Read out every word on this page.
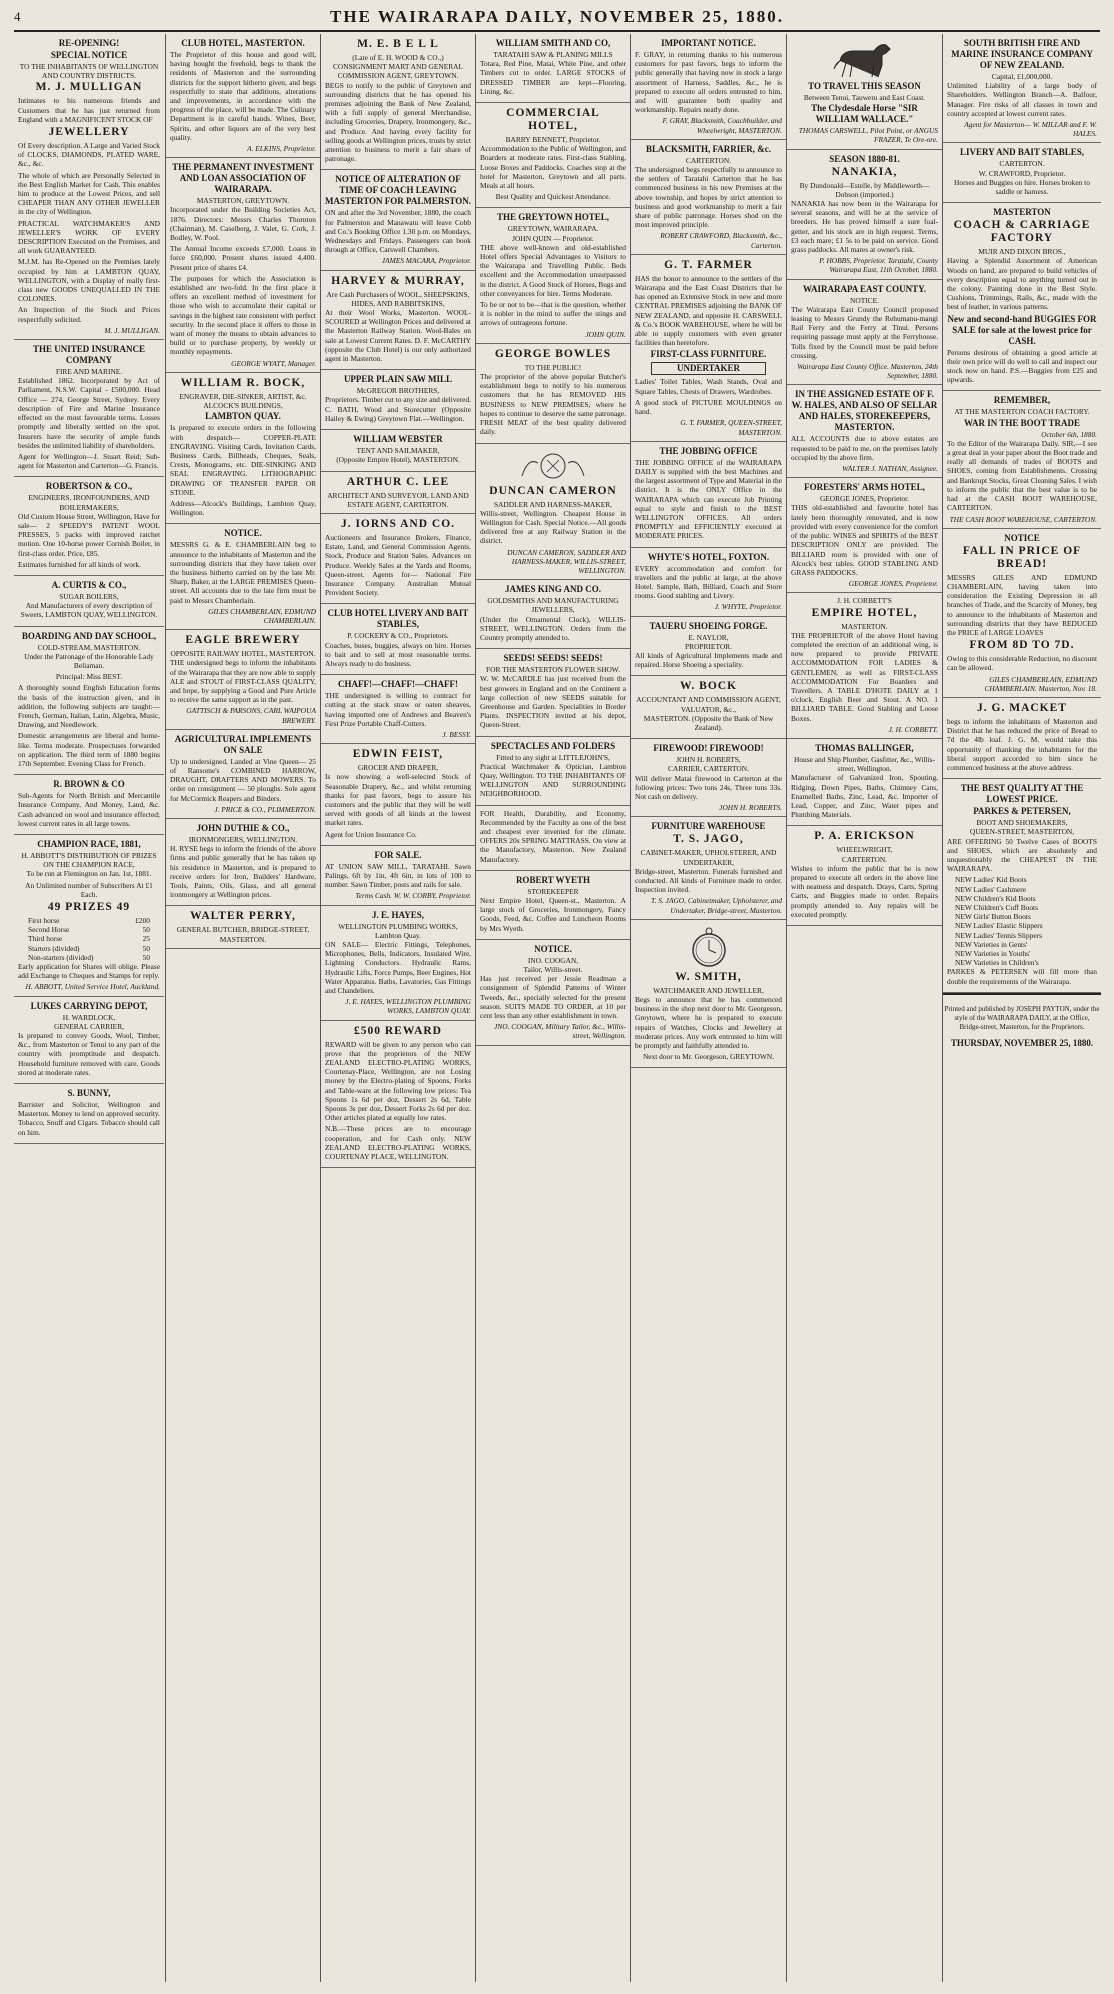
4	THE WAIRARAPA DAILY, NOVEMBER 25, 1880.
RE-OPENING!
SPECIAL NOTICE
TO THE INHABITANTS OF WELLINGTON AND COUNTRY DISTRICTS.
M. J. MULLIGAN

Intimates to his numerous friends and Customers that he has just returned from England with a MAGNIFICENT STOCK OF

JEWELLERY

Of Every description. A Large and Varied Stock of CLOCKS, DIAMONDS, PLATED WARE, &c., &c.

The whole of which are Personally Selected in the Best English Market for Cash. This enables him to produce at the Lowest Prices, and sell CHEAPER THAN ANY OTHER JEWELLER in the city of Wellington.

PRACTICAL WATCHMAKER'S AND JEWELLER'S WORK OF EVERY DESCRIPTION Executed on the Premises, and all work GUARANTEED.

M.J.M. has Re-Opened on the Premises lately occupied by him at LAMBTON QUAY, WELLINGTON, with a Display of really first-class new GOODS UNEQUALLED IN THE COLONIES.

An Inspection of the Stock and Prices respectfully solicited.

M. J. MULLIGAN.
THE UNITED INSURANCE COMPANY
FIRE AND MARINE.

Established 1862. Incorporated by Act of Parliament, N.S.W. Capital - £500,000. Head Office — 274, George Street, Sydney. Every description of Fire and Marine Insurance effected on the most favourable terms. Losses promptly and liberally settled on the spot. Insurers have the security of ample funds besides the unlimited liability of shareholders.

Agent for Wellington—J. Stuart Reid; Sub-agent for Masterton and Carterton—G. Francis.

ROBERTSON & CO.,
ENGINEERS, IRONFOUNDERS, AND BOILERMAKERS,

Old Custom House Street, Wellington, Have for sale— 2 SPEEDY'S PATENT WOOL PRESSES, 5 packs with improved ratchet motion. One 10-horse power Cornish Boiler, in first-class order. Price, £85.

Estimates furnished for all kinds of work.

A. CURTIS & CO.,
SUGAR BOILERS,

And Manufacturers of every description of Sweets, LAMBTON QUAY, WELLINGTON.

BOARDING AND DAY SCHOOL,
COLD-STREAM, MASTERTON.

Under the Patronage of the Honorable Lady Beliaman.

Principal: Miss BEST.

A thoroughly sound English Education forms the basis of the instruction given, and in addition, the following subjects are taught:— French, German, Italian, Latin, Algebra, Music, Drawing, and Needlework.

Domestic arrangements are liberal and home-like. Terms moderate. Prospectuses forwarded on application. The third term of 1880 begins 17th September. Evening Class for French.

R. BROWN & CO

Sub-Agents for North British and Mercantile Insurance Company, And Money, Land, &c. Cash advanced on wool and insurance effected; lowest current rates in all large towns.

CHAMPION RACE, 1881,
H. ABBOTT'S DISTRIBUTION OF PRIZES
ON THE CHAMPION RACE,

To be run at Flemington on Jan. 1st, 1881.

An Unlimited number of Subscribers At £1 Each.

49 PRIZES 49
First horse	£200
Second Horse	50
Third horse	25
Starters (divided)	50
Non-starters (divided)	50

Early application for Shares will oblige. Please add Exchange to Cheques and Stamps for reply.

H. ABBOTT, United Service Hotel, Auckland.
LUKES CARRYING DEPOT,
H. WARDLOCK,
GENERAL CARRIER,

Is prepared to convey Goods, Wool, Timber, &c., from Masterton or Tenui to any part of the country with promptitude and despatch. Household furniture removed with care. Goods stored at moderate rates.

S. BUNNY,

Barrister and Solicitor, Wellington and Masterton. Money to lend on approved security. Tobacco, Snuff and Cigars. Tobacco should call on him.

CLUB HOTEL, MASTERTON.

The Proprietor of this house and good will, having bought the freehold, begs to thank the residents of Masterton and the surrounding districts for the support hitherto given, and begs respectfully to state that additions, alterations and improvements, in accordance with the progress of the place, will be made. The Culinary Department is in careful hands. Wines, Beer, Spirits, and other liquors are of the very best quality.

A. ELKINS, Proprietor.
THE PERMANENT INVESTMENT AND LOAN ASSOCIATION OF WAIRARAPA.
MASTERTON, GREYTOWN.

Incorporated under the Building Societies Act, 1876. Directors: Messrs Charles Thornton (Chairman), M. Caselberg, J. Valet, G. Cork, J. Bodley, W. Pool.

The Annual Income exceeds £7,000. Loans in force £60,000. Present shares issued 4,400. Present price of shares £4.

The purposes for which the Association is established are two-fold. In the first place it offers an excellent method of investment for those who wish to accumulate their capital or savings in the highest rate consistent with perfect security. In the second place it offers to those in want of money the means to obtain advances to build or to purchase property, by weekly or monthly repayments.

GEORGE WYATT, Manager.
WILLIAM R. BOCK,
ENGRAVER, DIE-SINKER, ARTIST, &c. ALCOCK'S BUILDINGS,
LAMBTON QUAY.

Is prepared to execute orders in the following with despatch— COPPER-PLATE ENGRAVING. Visiting Cards, Invitation Cards, Business Cards, Billheads, Cheques, Seals, Crests, Monograms, etc. DIE-SINKING AND SEAL ENGRAVING. LITHOGRAPHIC DRAWING OF TRANSFER PAPER OR STONE.

Address—Alcock's Buildings, Lambton Quay, Wellington.

NOTICE.

MESSRS G. & E. CHAMBERLAIN beg to announce to the inhabitants of Masterton and the surrounding districts that they have taken over the business hitherto carried on by the late Mr. Sharp, Baker, at the LARGE PREMISES Queen-street. All accounts due to the late firm must be paid to Messrs Chamberlain.

GILES CHAMBERLAIN, EDMUND CHAMBERLAIN.
EAGLE BREWERY
OPPOSITE RAILWAY HOTEL, MASTERTON.

THE undersigned begs to inform the inhabitants of the Wairarapa that they are now able to supply ALE and STOUT of FIRST-CLASS QUALITY, and hope, by supplying a Good and Pure Article to receive the same support as in the past.

GATTISCH & PARSONS, CARL WAIPOUA BREWERY.
AGRICULTURAL IMPLEMENTS ON SALE

Up to undersigned, Landed at Vine Queen— 25 of Ransome's COMBINED HARROW, DRAUGHT, DRAFTERS AND MOWERS. To order on consignment — 50 ploughs. Sole agent for McCormick Reapers and Binders.

J. PRICE & CO., PLIMMERTON.
JOHN DUTHIE & CO.,
IRONMONGERS, WELLINGTON.

H. RYSE begs to inform the friends of the above firms and public generally that he has taken up his residence in Masterton, and is prepared to receive orders for Iron, Builders' Hardware, Tools, Paints, Oils, Glass, and all general ironmongery at Wellington prices.

WALTER PERRY,
GENERAL BUTCHER, BRIDGE-STREET, MASTERTON.
M. E. B E L L
(Late of E. H. WOOD & CO.,) CONSIGNMENT MART AND GENERAL COMMISSION AGENT, GREYTOWN.

BEGS to notify to the public of Greytown and surrounding districts that he has opened his premises adjoining the Bank of New Zealand, with a full supply of general Merchandise, including Groceries, Drapery, Ironmongery, &c., and Produce. And having every facility for selling goods at Wellington prices, trusts by strict attention to business to merit a fair share of patronage.

NOTICE OF ALTERATION OF TIME OF COACH LEAVING MASTERTON FOR PALMERSTON.

ON and after the 3rd November, 1880, the coach for Palmerston and Manawatu will leave Cobb and Co.'s Booking Office 1.30 p.m. on Mondays, Wednesdays and Fridays. Passengers can book through at Office, Carswell Chambers.

JAMES MACARA, Proprietor.
HARVEY & MURRAY,
Are Cash Purchasers of WOOL, SHEEPSKINS, HIDES, AND RABBITSKINS,

At their Wool Works, Masterton. WOOL-SCOURED at Wellington Prices and delivered at the Masterton Railway Station. Wool-Bales on sale at Lowest Current Rates. D. F. McCARTHY (opposite the Club Hotel) is our only authorized agent in Masterton.

UPPER PLAIN SAW MILL
McGREGOR BROTHERS,

Proprietors. Timber cut to any size and delivered. C. BATH, Wood and Storecutter (Opposite Hailey & Ewing) Greytown Flat.—Wellington.

WILLIAM WEBSTER
TENT AND SAILMAKER,

(Opposite Empire Hotel), MASTERTON.

ARTHUR C. LEE
ARCHITECT AND SURVEYOR, LAND AND ESTATE AGENT, CARTERTON.
J. IORNS AND CO.

Auctioneers and Insurance Brokers, Finance, Estate, Land, and General Commission Agents. Stock, Produce and Station Sales. Advances on Produce. Weekly Sales at the Yards and Rooms, Queen-street. Agents for— National Fire Insurance Company. Australian Mutual Provident Society.

CLUB HOTEL LIVERY AND BAIT STABLES,
P. COCKERY & CO., Proprietors.

Coaches, buses, buggies, always on hire. Horses to bait and to sell at most reasonable terms. Always ready to do business.

CHAFF!—CHAFF!—CHAFF!

THE undersigned is willing to contract for cutting at the stack straw or oaten sheaves, having imported one of Andrews and Beaven's First Prize Portable Chaff-Cutters.

J. BESSY.
EDWIN FEIST,
GROCER AND DRAPER,

Is now showing a well-selected Stock of Seasonable Drapery, &c., and whilst returning thanks for past favors, begs to assure his customers and the public that they will be well served with goods of all kinds at the lowest market rates.

Agent for Union Insurance Co.

FOR SALE.

AT UNION SAW MILL, TARATAHI. Sawn Palings, 6ft by 1in, 4ft 6in, in lots of 100 to number. Sawn Timber, posts and rails for sale.

Terms Cash. W. W. CORBY, Proprietor.
J. E. HAYES,
WELLINGTON PLUMBING WORKS, Lambton Quay.

ON SALE— Electric Fittings, Telephones, Microphones, Bells, Indicators, Insulated Wire, Lightning Conductors. Hydraulic Rams, Hydraulic Lifts, Force Pumps, Beer Engines, Hot Water Apparatus. Baths, Lavatories, Gas Fittings and Chandeliers.

J. E. HAYES, WELLINGTON PLUMBING WORKS, LAMBTON QUAY.
£500 REWARD

REWARD will be given to any person who can prove that the proprietors of the NEW ZEALAND ELECTRO-PLATING WORKS, Courtenay-Place, Wellington, are not Losing money by the Electro-plating of Spoons, Forks and Table-ware at the following low prices: Tea Spoons 1s 6d per doz, Dessert 2s 6d, Table Spoons 3s per doz, Dessert Forks 2s 6d per doz. Other articles plated at equally low rates.

N.B.—These prices are to encourage cooperation, and for Cash only. NEW ZEALAND ELECTRO-PLATING WORKS, COURTENAY PLACE, WELLINGTON.

WILLIAM SMITH AND CO,
TARATAHI SAW & PLANING MILLS

Totara, Red Pine, Matai, White Pine, and other Timbers cut to order. LARGE STOCKS of DRESSED TIMBER are kept—Flooring, Lining, &c.

COMMERCIAL HOTEL,
BARRY BENNETT, Proprietor.

Accommodation to the Public of Wellington, and Boarders at moderate rates. First-class Stabling, Loose Boxes and Paddocks. Coaches stop at the hotel for Masterton, Greytown and all parts. Meals at all hours.

Best Quality and Quickest Attendance.

THE GREYTOWN HOTEL,
GREYTOWN, WAIRARAPA.
JOHN QUIN — Proprietor.

THE above well-known and old-established Hotel offers Special Advantages to Visitors to the Wairarapa and Travelling Public. Beds excellent and the Accommodation unsurpassed in the district. A Good Stock of Horses, Bugs and other conveyances for hire. Terms Moderate.

To be or not to be—that is the question, whether it is nobler in the mind to suffer the stings and arrows of outrageous fortune.

JOHN QUIN.
GEORGE BOWLES
TO THE PUBLIC!

The proprietor of the above popular Butcher's establishment begs to notify to his numerous customers that he has REMOVED HIS BUSINESS to NEW PREMISES, where he hopes to continue to deserve the same patronage. FRESH MEAT of the best quality delivered daily.

DUNCAN CAMERON
SADDLER AND HARNESS-MAKER,

Willis-street, Wellington. Cheapest House in Wellington for Cash. Special Notice.—All goods delivered free at any Railway Station in the district.

DUNCAN CAMERON, SADDLER AND HARNESS-MAKER, WILLIS-STREET, WELLINGTON.
JAMES KING AND CO.
GOLDSMITHS AND MANUFACTURING JEWELLERS,

(Under the Ornamental Clock), WILLIS-STREET, WELLINGTON. Orders from the Country promptly attended to.

SEEDS! SEEDS! SEEDS!
FOR THE MASTERTON FLOWER SHOW.

W. W. McCARDLE has just received from the best growers in England and on the Continent a large collection of new SEEDS suitable for Greenhouse and Garden. Specialities in Border Plants. INSPECTION invited at his depot, Queen-Street.

SPECTACLES AND FOLDERS
Fitted to any sight at LITTLEJOHN'S,

Practical Watchmaker & Optician, Lambton Quay, Wellington. TO THE INHABITANTS OF WELLINGTON AND SURROUNDING NEIGHBORHOOD.

FOR Health, Durability, and Economy, Recommended by the Faculty as one of the best and cheapest ever invented for the climate. OFFERS 20s SPRING MATTRASS. On view at the Manufactory, Masterton. New Zealand Manufactory.

ROBERT WYETH
STOREKEEPER

Next Empire Hotel, Queen-st., Masterton. A large stock of Groceries, Ironmongery, Fancy Goods, Feed, &c. Coffee and Luncheon Rooms by Mrs Wyeth.

NOTICE.
INO. COOGAN,
Tailor, Willis-street.

Has just received per Jessie Readman a consignment of Splendid Patterns of Winter Tweeds, &c., specially selected for the present season. SUITS MADE TO ORDER, at 10 per cent less than any other establishment in town.

JNO. COOGAN, Military Tailor, &c., Willis-street, Wellington.
IMPORTANT NOTICE.

F. GRAY, in returning thanks to his numerous customers for past favors, begs to inform the public generally that having now in stock a large assortment of Harness, Saddles, &c., he is prepared to execute all orders entrusted to him, and will guarantee both quality and workmanship. Repairs neatly done.

F. GRAY, Blacksmith, Coachbuilder, and Wheelwright, MASTERTON.
BLACKSMITH, FARRIER, &c.
CARTERTON.

The undersigned begs respectfully to announce to the settlers of Taratahi Carterton that he has commenced business in his new Premises at the above township, and hopes by strict attention to business and good workmanship to merit a fair share of public patronage. Horses shod on the most improved principle.

ROBERT CRAWFORD, Blacksmith, &c., Carterton.
G. T. FARMER

HAS the honor to announce to the settlers of the Wairarapa and the East Coast Districts that he has opened an Extensive Stock in new and more CENTRAL PREMISES adjoining the BANK OF NEW ZEALAND, and opposite H. CARSWELL & Co.'s BOOK WAREHOUSE, where he will be able to supply customers with even greater facilities than heretofore.

FIRST-CLASS FURNITURE.
UNDERTAKER

Ladies' Toilet Tables, Wash Stands, Oval and Square Tables, Chests of Drawers, Wardrobes.

A good stock of PICTURE MOULDINGS on hand.

G. T. FARMER, QUEEN-STREET, MASTERTON.
THE JOBBING OFFICE

THE JOBBING OFFICE of the WAIRARAPA DAILY is supplied with the best Machines and the largest assortment of Type and Material in the district. It is the ONLY Office in the WAIRARAPA which can execute Job Printing equal to style and finish to the BEST WELLINGTON OFFICES. All orders PROMPTLY and EFFICIENTLY executed at MODERATE PRICES.

WHYTE'S HOTEL, FOXTON.

EVERY accommodation and comfort for travellers and the public at large, at the above Hotel. Sample, Bath, Billiard, Coach and Store rooms. Good stabling and Livery.

J. WHYTE, Proprietor.
TAUERU SHOEING FORGE.
E. NAYLOR,
PROPRIETOR.

All kinds of Agricultural Implements made and repaired. Horse Shoeing a speciality.

W. BOCK
ACCOUNTANT AND COMMISSION AGENT, VALUATOR, &c.,

MASTERTON. (Opposite the Bank of New Zealand).

FIREWOOD! FIREWOOD!
JOHN H. ROBERTS,
CARRIER, CARTERTON.

Will deliver Matai firewood in Carterton at the following prices: Two tons 24s, Three tons 33s. Not cash on delivery.

JOHN H. ROBERTS.
FURNITURE WAREHOUSE
T. S. JAGO,
CABINET-MAKER, UPHOLSTERER, AND UNDERTAKER,

Bridge-street, Masterton. Funerals furnished and conducted. All kinds of Furniture made to order. Inspection invited.

T. S. JAGO, Cabinetmaker, Upholsterer, and Undertaker, Bridge-street, Masterton.
W. SMITH,
WATCHMAKER AND JEWELLER,

Begs to announce that he has commenced business in the shop next door to Mr. Georgeson, Greytown, where he is prepared to execute repairs of Watches, Clocks and Jewellery at moderate prices. Any work entrusted to him will be promptly and faithfully attended to.

Next door to Mr. Georgeson, GREYTOWN.

TO TRAVEL THIS SEASON
Between Tenui, Tauweru and East Coast.
The Clydesdale Horse "SIR WILLIAM WALLACE."
THOMAS CARSWELL, Pilot Point, or ANGUS FRAZER, Te Ore-ore.
SEASON 1880-81.
NANAKIA,
By Dundonald—Estelle, by Middleworth—Dobson (imported.)

NANAKIA has now been in the Wairarapa for several seasons, and will be at the service of breeders. He has proved himself a sure foal-getter, and his stock are in high request. Terms, £3 each mare; £1 5s to be paid on service. Good grass paddocks. All mares at owner's risk.

P. HOBBS, Proprietor. Taratahi, County Wairarapa East, 11th October, 1880.
WAIRARAPA EAST COUNTY.
NOTICE.

The Wairarapa East County Council proposed leasing to Messrs Grundy the Rehumanu-mangi Rail Ferry and the Ferry at Tinui. Persons requiring passage must apply at the Ferryhouse. Tolls fixed by the Council must be paid before crossing.

Wairarapa East County Office. Masterton, 24th September, 1880.
IN THE ASSIGNED ESTATE OF F. W. HALES, AND ALSO OF SELLAR AND HALES, STOREKEEPERS, MASTERTON.

ALL ACCOUNTS due to above estates are requested to be paid to me, on the premises lately occupied by the above firm.

WALTER J. NATHAN, Assignee.
FORESTERS' ARMS HOTEL,
GEORGE JONES, Proprietor.

THIS old-established and favourite hotel has lately been thoroughly renovated, and is now provided with every convenience for the comfort of the public. WINES and SPIRITS of the BEST DESCRIPTION ONLY are provided. The BILLIARD room is provided with one of Alcock's best tables. GOOD STABLING AND GRASS PADDOCKS.

GEORGE JONES, Proprietor.
J. H. CORBETT'S
EMPIRE HOTEL,
MASTERTON.

THE PROPRIETOR of the above Hotel having completed the erection of an additional wing, is now prepared to provide PRIVATE ACCOMMODATION FOR LADIES & GENTLEMEN, as well as FIRST-CLASS ACCOMMODATION For Boarders and Travellers. A TABLE D'HOTE DAILY at 1 o'clock. English Beer and Stout. A NO. 1 BILLIARD TABLE. Good Stabling and Loose Boxes.

J. H. CORBETT.
THOMAS BALLINGER,
House and Ship Plumber, Gasfitter, &c., Willis-street, Wellington.

Manufacturer of Galvanized Iron, Spouting, Ridging, Down Pipes, Baths, Chimney Cans, Enamelled Baths, Zinc, Lead, &c. Importer of Lead, Copper, and Zinc, Water pipes and Plumbing Materials.

P. A. ERICKSON
WHEELWRIGHT,
CARTERTON.

Wishes to inform the public that he is now prepared to execute all orders in the above line with neatness and despatch. Drays, Carts, Spring Carts, and Buggies made to order. Repairs promptly attended to. Any repairs will be executed promptly.

SOUTH BRITISH FIRE AND MARINE INSURANCE COMPANY OF NEW ZEALAND.
Capital, £1,000,000.

Unlimited Liability of a large body of Shareholders. Wellington Branch—A. Balfour, Manager. Fire risks of all classes in town and country accepted at lowest current rates.

Agent for Masterton— W. MILLAR and F. W. HALES.
LIVERY AND BAIT STABLES,
CARTERTON.
W. CRAWFORD, Proprietor.

Horses and Buggies on hire. Horses broken to saddle or harness.

MASTERTON
COACH & CARRIAGE FACTORY
MUIR AND DIXON BROS.,

Having a Splendid Assortment of American Woods on hand, are prepared to build vehicles of every description equal to anything turned out in the colony. Painting done in the Best Style. Cushions, Trimmings, Rails, &c., made with the best of leather, in various patterns.

New and second-hand BUGGIES FOR SALE for sale at the lowest price for CASH.

Persons desirous of obtaining a good article at their own price will do well to call and inspect our stock now on hand. P.S.—Buggies from £25 and upwards.

REMEMBER,
AT THE MASTERTON COACH FACTORY.
WAR IN THE BOOT TRADE
October 6th, 1880.

To the Editor of the Wairarapa Daily. SIR,—I see a great deal in your paper about the Boot trade and really all demands of trades of BOOTS and SHOES, coming from Establishments. Crossing and Bankrupt Stocks, Great Cleaning Sales. I wish to inform the public that the best value is to be had at the CASH BOOT WAREHOUSE, CARTERTON.

THE CASH BOOT WAREHOUSE, CARTERTON.
NOTICE
FALL IN PRICE OF BREAD!

MESSRS GILES AND EDMUND CHAMBERLAIN, having taken into consideration the Existing Depression in all branches of Trade, and the Scarcity of Money, beg to announce to the inhabitants of Masterton and surrounding districts that they have REDUCED the PRICE of LARGE LOAVES

FROM 8D TO 7D.

Owing to this considerable Reduction, no discount can be allowed.

GILES CHAMBERLAIN, EDMUND CHAMBERLAIN. Masterton, Nov. 18.
J. G. MACKET

begs to inform the inhabitants of Masterton and District that he has reduced the price of Bread to 7d the 4lb loaf. J. G. M. would take this opportunity of thanking the inhabitants for the liberal support accorded to him since he commenced business at the above address.

THE BEST QUALITY AT THE LOWEST PRICE.
PARKES & PETERSEN,
BOOT AND SHOEMAKERS,
QUEEN-STREET, MASTERTON,

ARE OFFERING 50 Twelve Cases of BOOTS and SHOES, which are absolutely and unquestionably the CHEAPEST IN THE WAIRARAPA.

NEW Ladies' Kid Boots
NEW Ladies' Cashmere
NEW Children's Kid Boots
NEW Children's Cuff Boots
NEW Girls' Button Boots
NEW Ladies' Elastic Slippers
NEW Ladies' Tennis Slippers
NEW Varieties in Gents'
NEW Varieties in Youths'
NEW Varieties in Children's

PARKES & PETERSEN will fill more than double the requirements of the Wairarapa.

Printed and published by JOSEPH PAYTON, under the style of the WAIRARAPA DAILY, at the Office, Bridge-street, Masterton, for the Proprietors.

THURSDAY, NOVEMBER 25, 1880.
